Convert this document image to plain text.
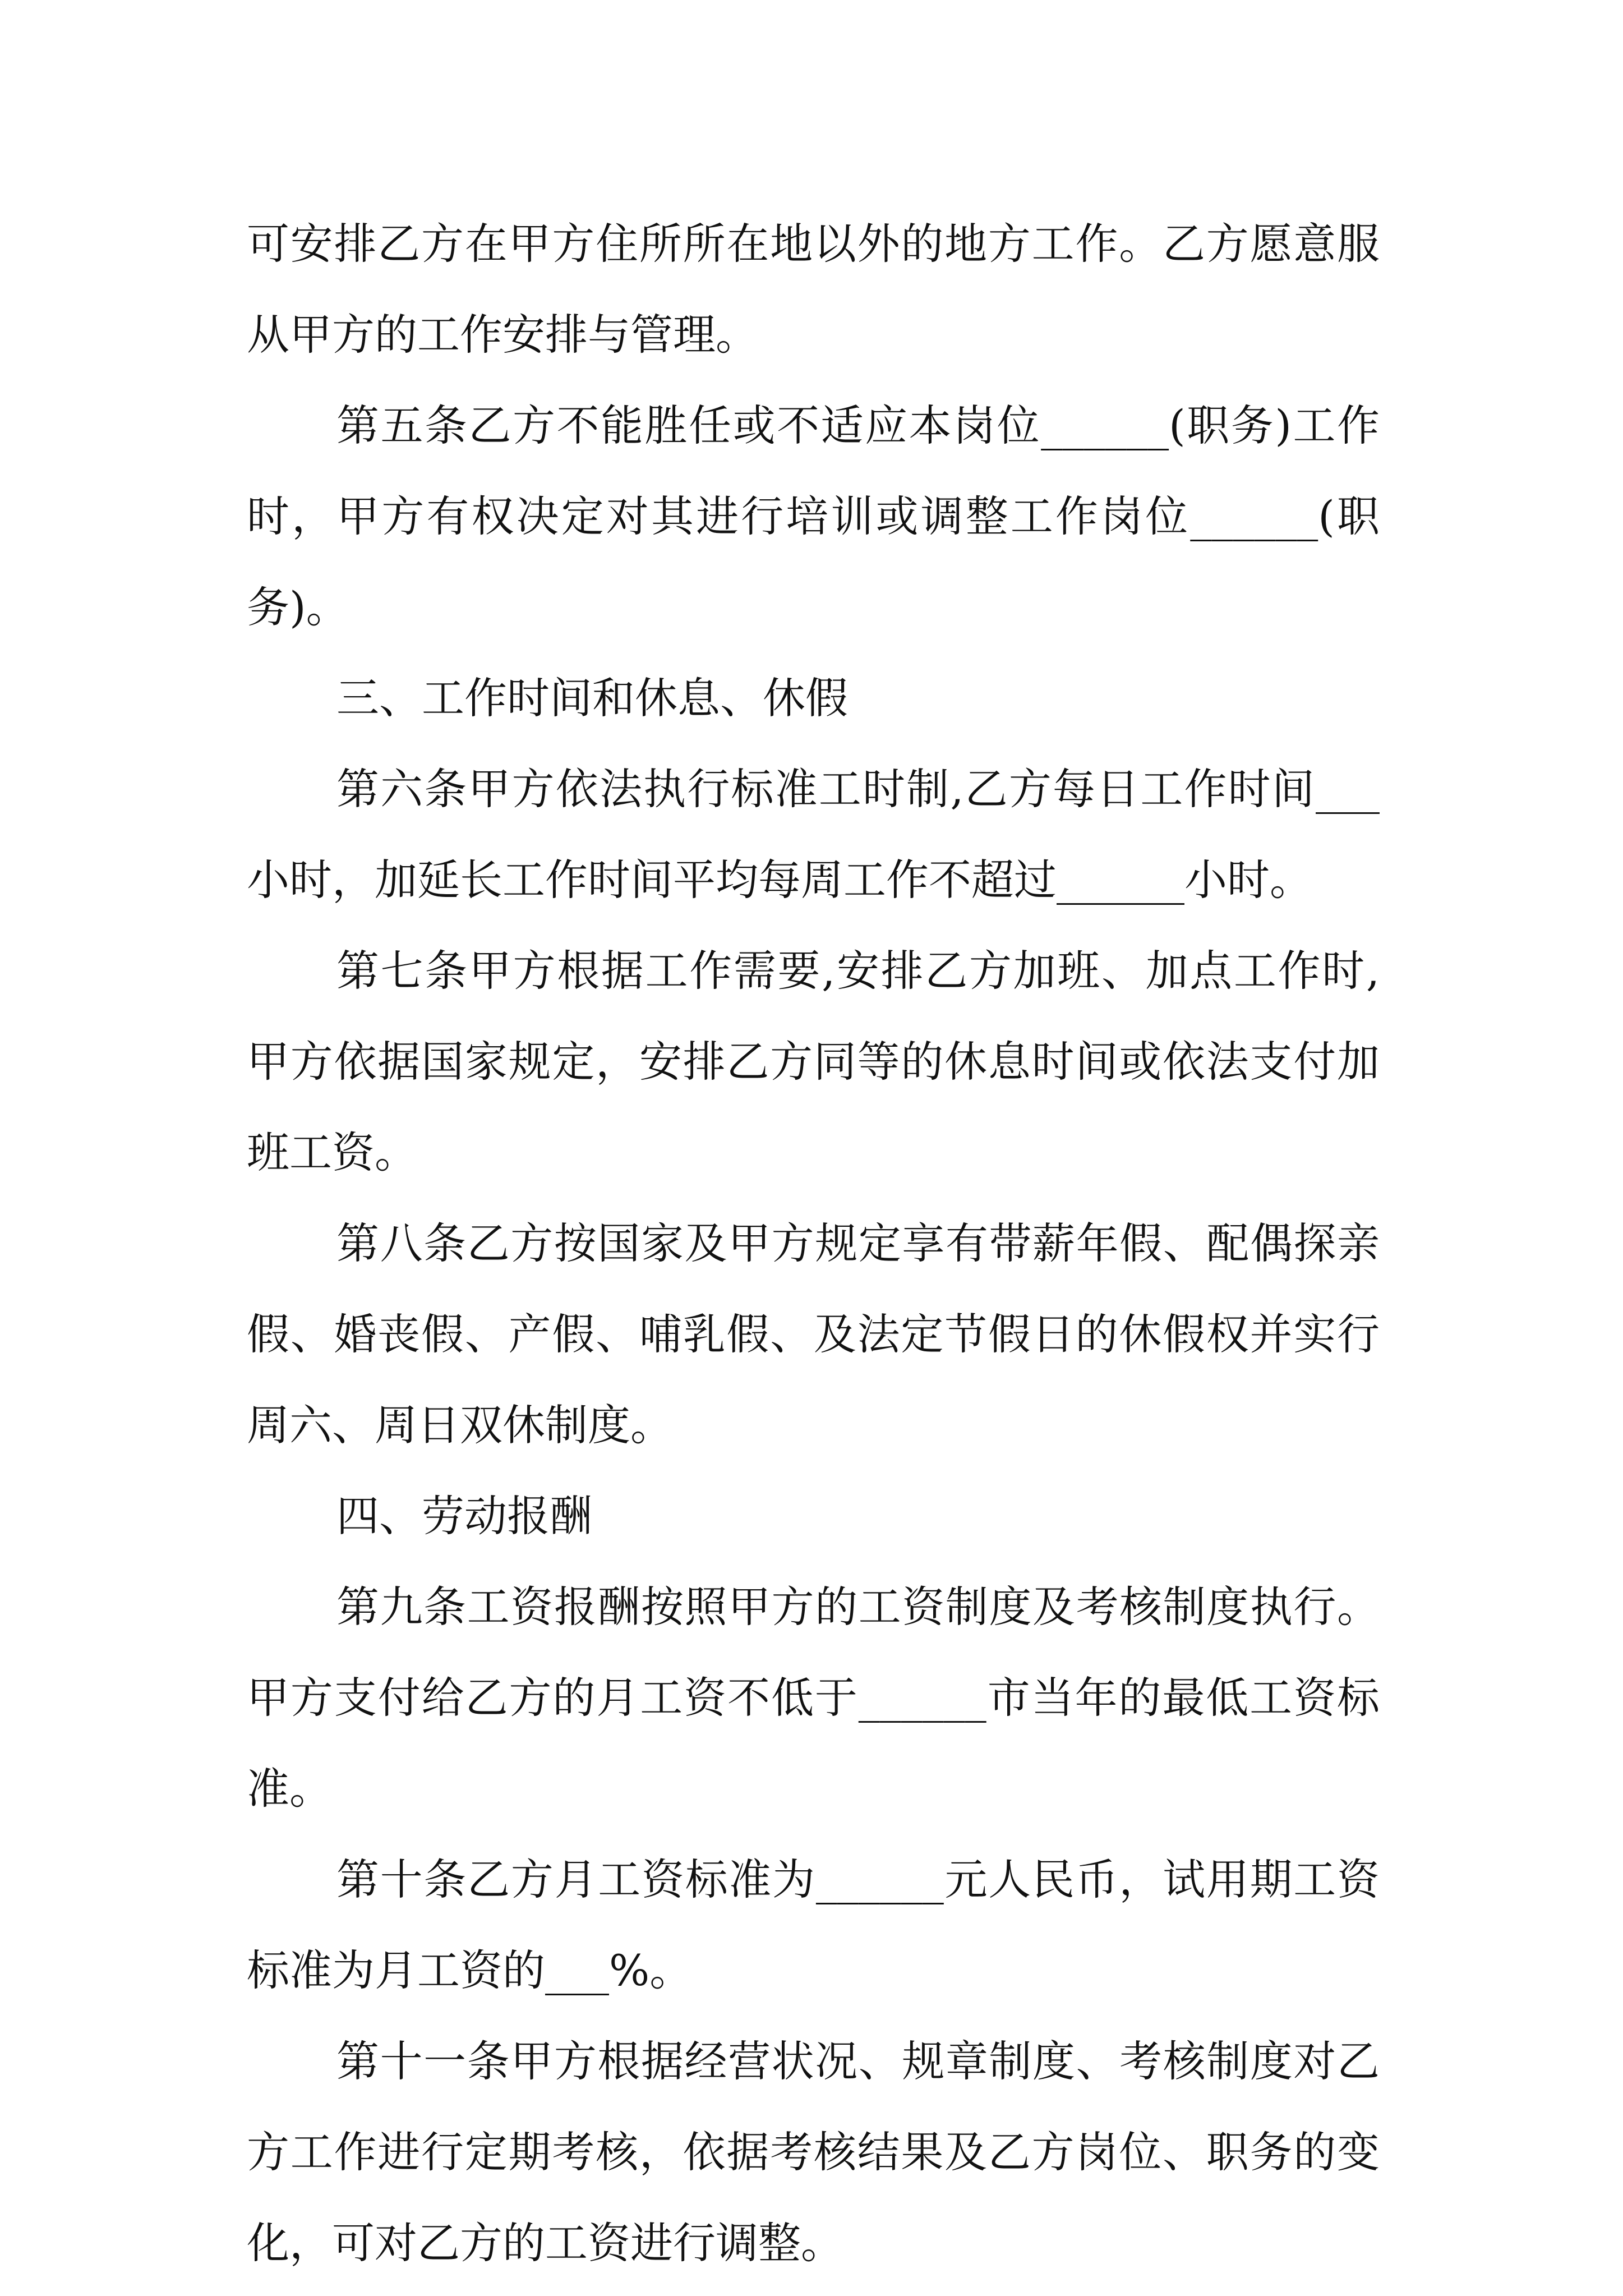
可安排乙方在甲方住所所在地以外的地方工作。乙方愿意服
从甲方的工作安排与管理。
第五条乙方不能胜任或不适应本岗位______(职务)工作
时，甲方有权决定对其进行培训或调整工作岗位______(职
务)。
三、工作时间和休息、休假
第六条甲方依法执行标准工时制,乙方每日工作时间___
小时，加延长工作时间平均每周工作不超过______小时。
第七条甲方根据工作需要,安排乙方加班、加点工作时,
甲方依据国家规定，安排乙方同等的休息时间或依法支付加
班工资。
第八条乙方按国家及甲方规定享有带薪年假、配偶探亲
假、婚丧假、产假、哺乳假、及法定节假日的休假权并实行
周六、周日双休制度。
四、劳动报酬
第九条工资报酬按照甲方的工资制度及考核制度执行。
甲方支付给乙方的月工资不低于______市当年的最低工资标
准。
第十条乙方月工资标准为______元人民币，试用期工资
标准为月工资的___%。
第十一条甲方根据经营状况、规章制度、考核制度对乙
方工作进行定期考核，依据考核结果及乙方岗位、职务的变
化，可对乙方的工资进行调整。
